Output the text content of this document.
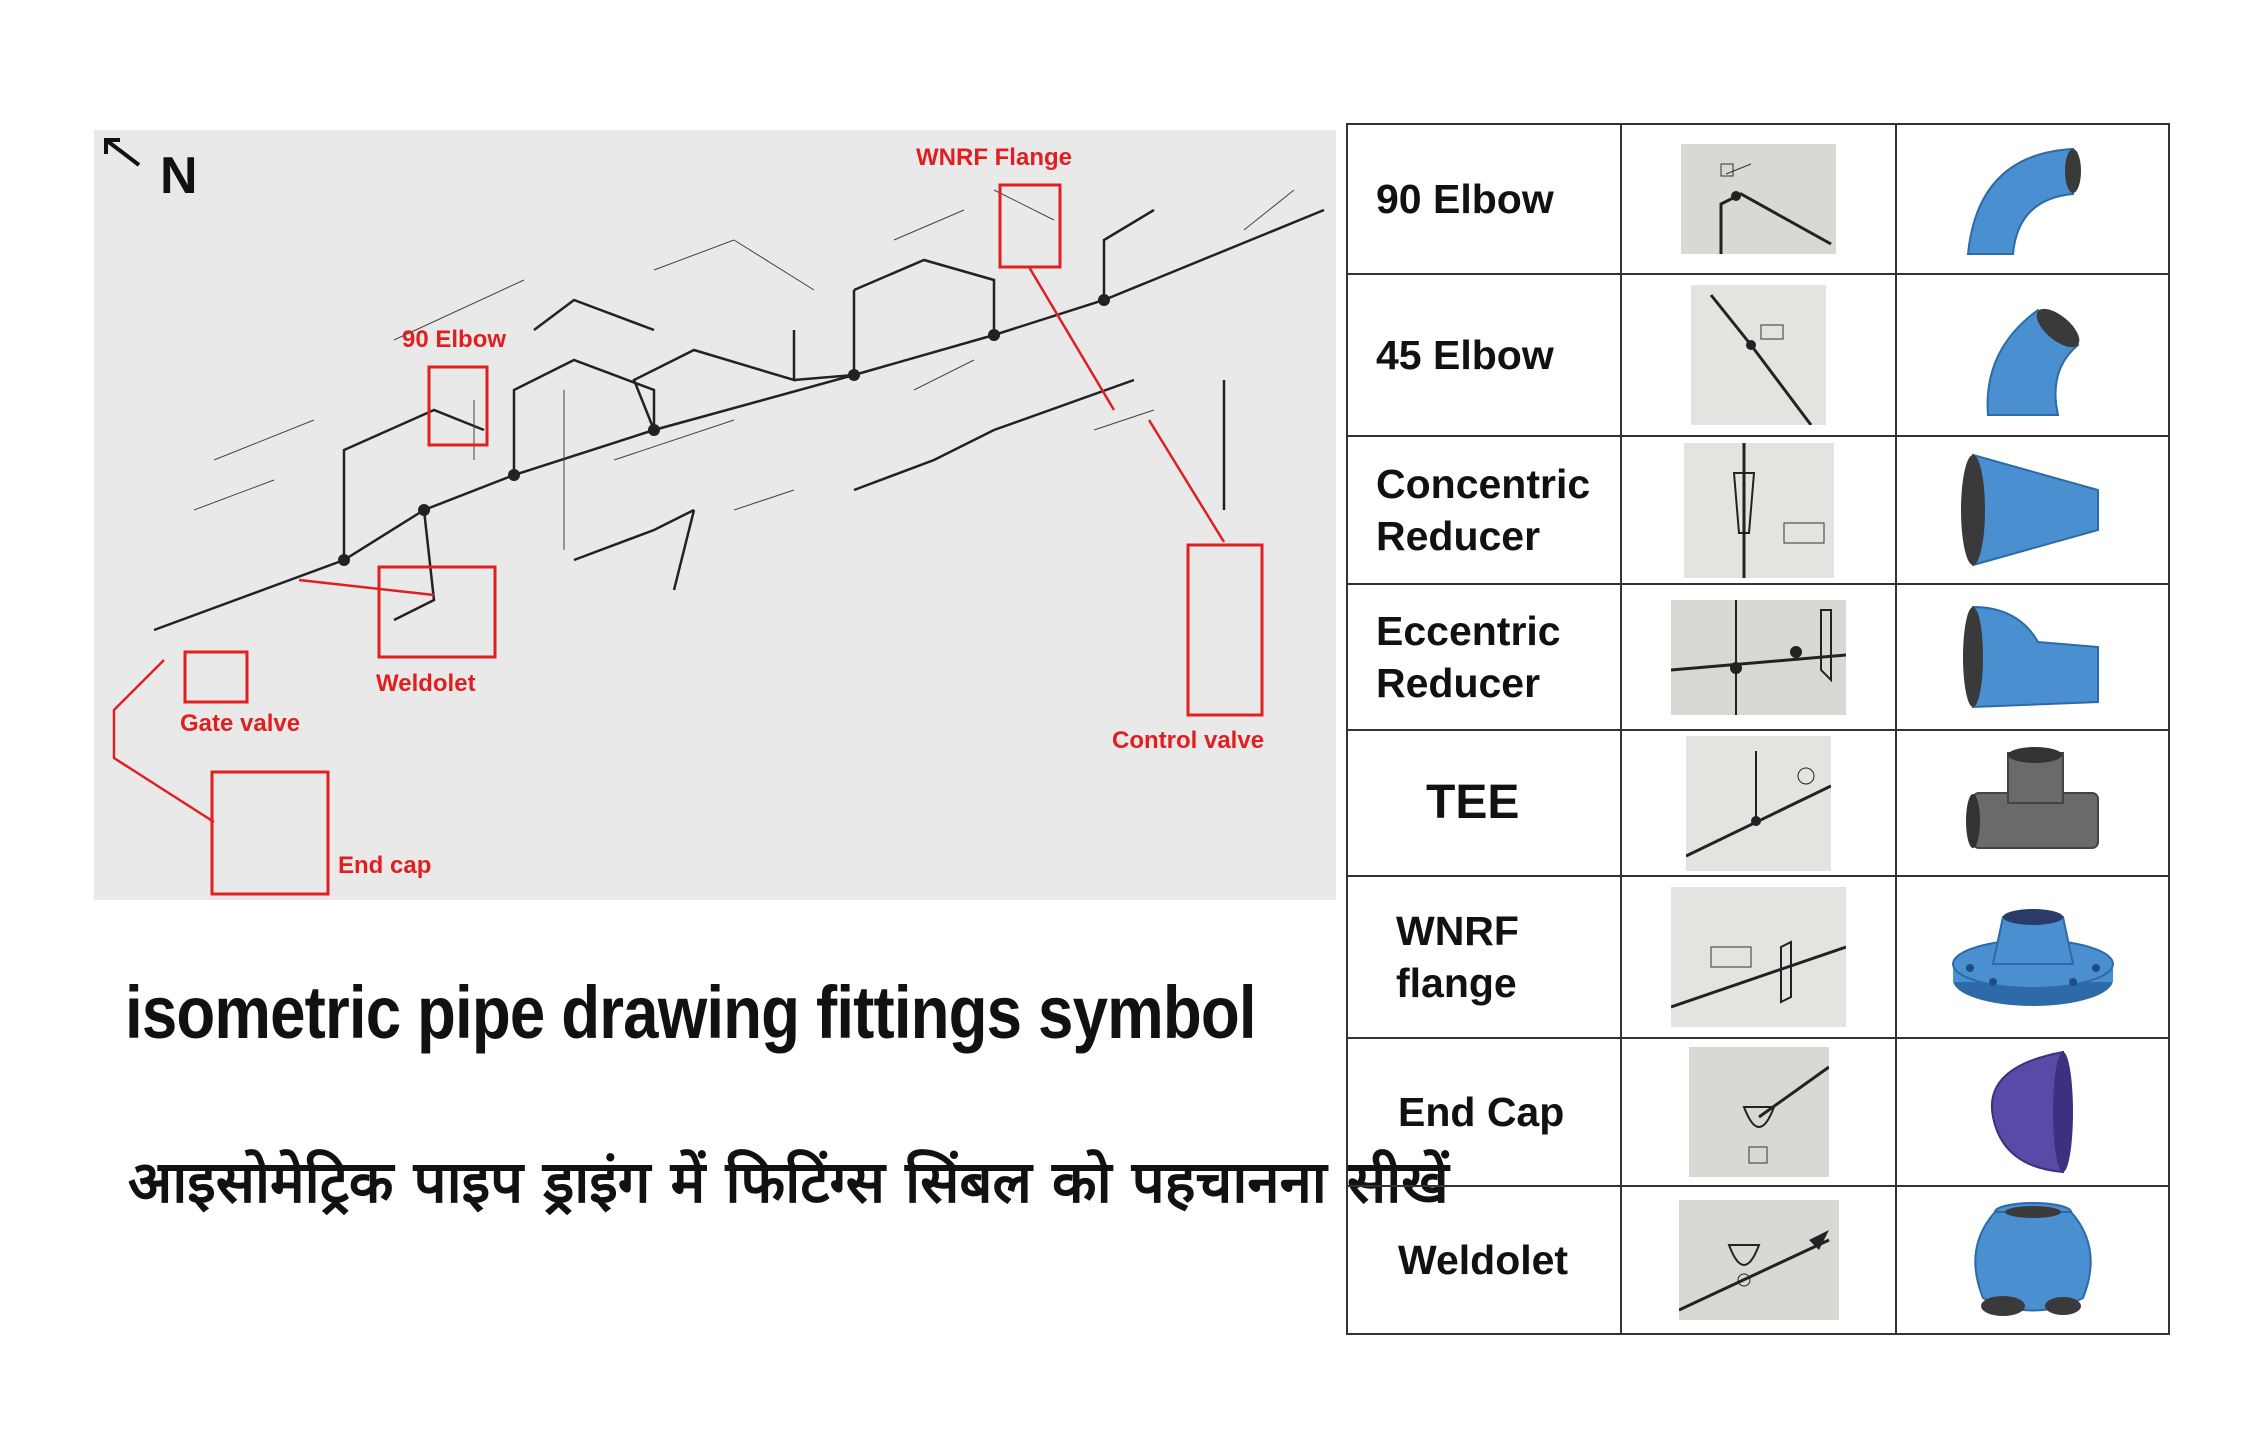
N	WNRF Flange
90 Elbow
Weldolet
Gate valve
Control valve
End cap
isometric pipe drawing fittings symbol
आइसोमेट्रिक पाइप ड्राइंग में फिटिंग्स सिंबल को पहचानना सीखें
90 Elbow
45 Elbow
Concentric
Reducer
Eccentric
Reducer
TEE
WNRF
flange
End Cap
Weldolet
